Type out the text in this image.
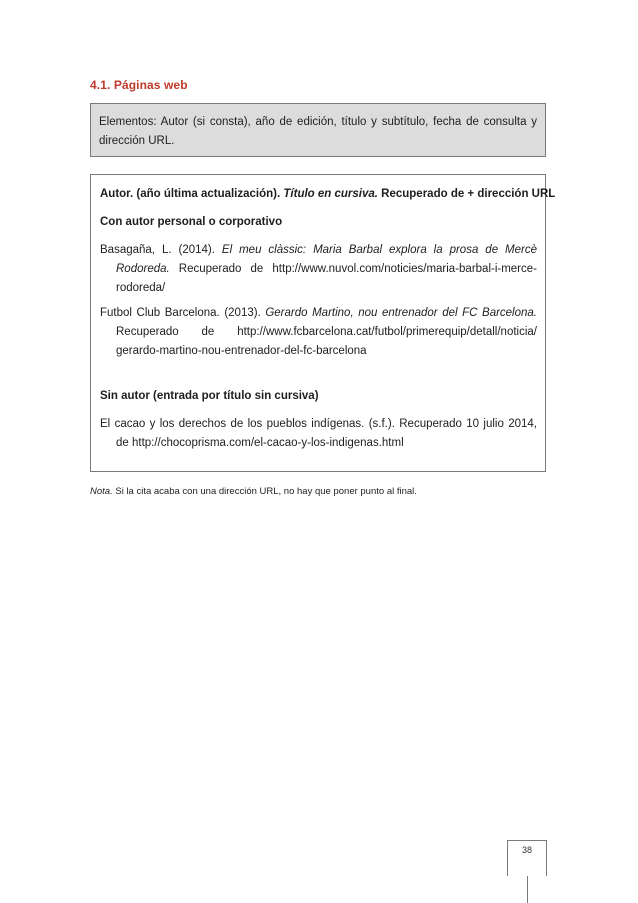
4.1. Páginas web
Elementos: Autor (si consta), año de edición, título y subtítulo, fecha de consulta y dirección URL.
Autor. (año última actualización). Título en cursiva. Recuperado de + dirección URL
Con autor personal o corporativo
Basagaña, L. (2014). El meu clàssic: Maria Barbal explora la prosa de Mercè Rodoreda. Recuperado de http://www.nuvol.com/noticies/maria-barbal-i-merce-rodoreda/
Futbol Club Barcelona. (2013). Gerardo Martino, nou entrenador del FC Barcelona. Recuperado de http://www.fcbarcelona.cat/futbol/primerequip/detall/noticia/ gerardo-martino-nou-entrenador-del-fc-barcelona
Sin autor (entrada por título sin cursiva)
El cacao y los derechos de los pueblos indígenas. (s.f.). Recuperado 10 julio 2014, de http://chocoprisma.com/el-cacao-y-los-indigenas.html
Nota. Si la cita acaba con una dirección URL, no hay que poner punto al final.
38
